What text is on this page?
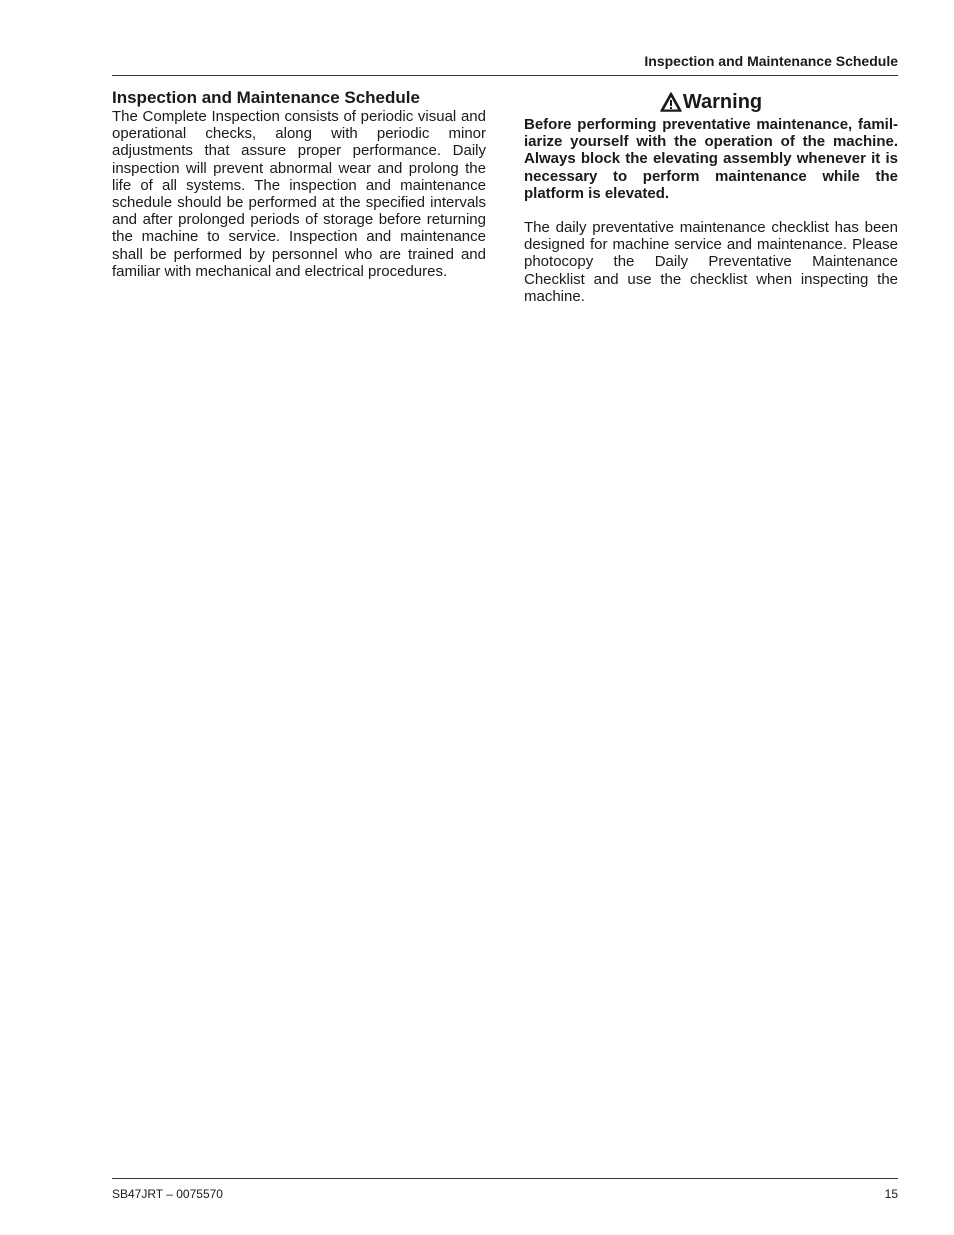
Inspection and Maintenance Schedule
Inspection and Maintenance Schedule

The Complete Inspection consists of periodic visual and operational checks, along with periodic minor adjustments that assure proper performance. Daily inspection will prevent abnormal wear and prolong the life of all systems. The inspection and maintenance schedule should be performed at the specified intervals and after prolonged periods of storage before returning the machine to service. Inspection and maintenance shall be performed by personnel who are trained and familiar with mechanical and electrical procedures.

Warning

Before performing preventative maintenance, familiarize yourself with the operation of the machine. Always block the elevating assembly whenever it is necessary to perform maintenance while the platform is elevated.

The daily preventative maintenance checklist has been designed for machine service and maintenance. Please photocopy the Daily Preventative Maintenance Checklist and use the checklist when inspecting the machine.

SB47JRT – 0075570	15
